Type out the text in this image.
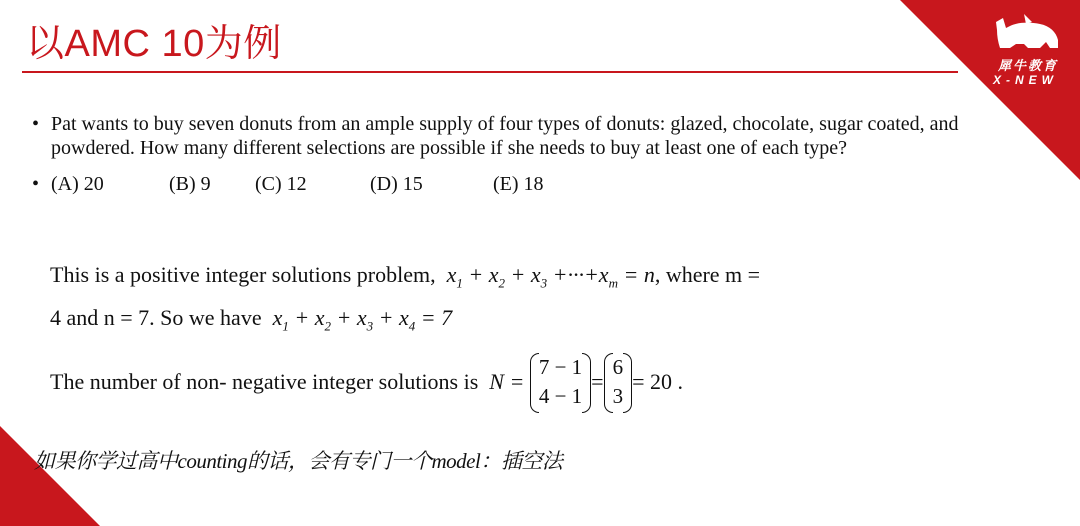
犀牛教育
X-NEW
以AMC 10为例
• Pat wants to buy seven donuts from an ample supply of four types of donuts: glazed, chocolate, sugar coated, and powdered. How many different selections are possible if she needs to buy at least one of each type?
• (A) 20	(B) 9 (C) 12	(D) 15	(E) 18
This is a positive integer solutions problem, $x_1 + x_2 + x_3 +\cdot\cdot\cdot+x_m = n$, where m =
4 and n = 7. So we have $x_1 + x_2 + x_3 + x_4 = 7$
The number of non- negative integer solutions is N =
7 − 1
4 − 1
=
6
3
= 20 .
如果你学过高中counting的话，会有专门一个model：插空法
